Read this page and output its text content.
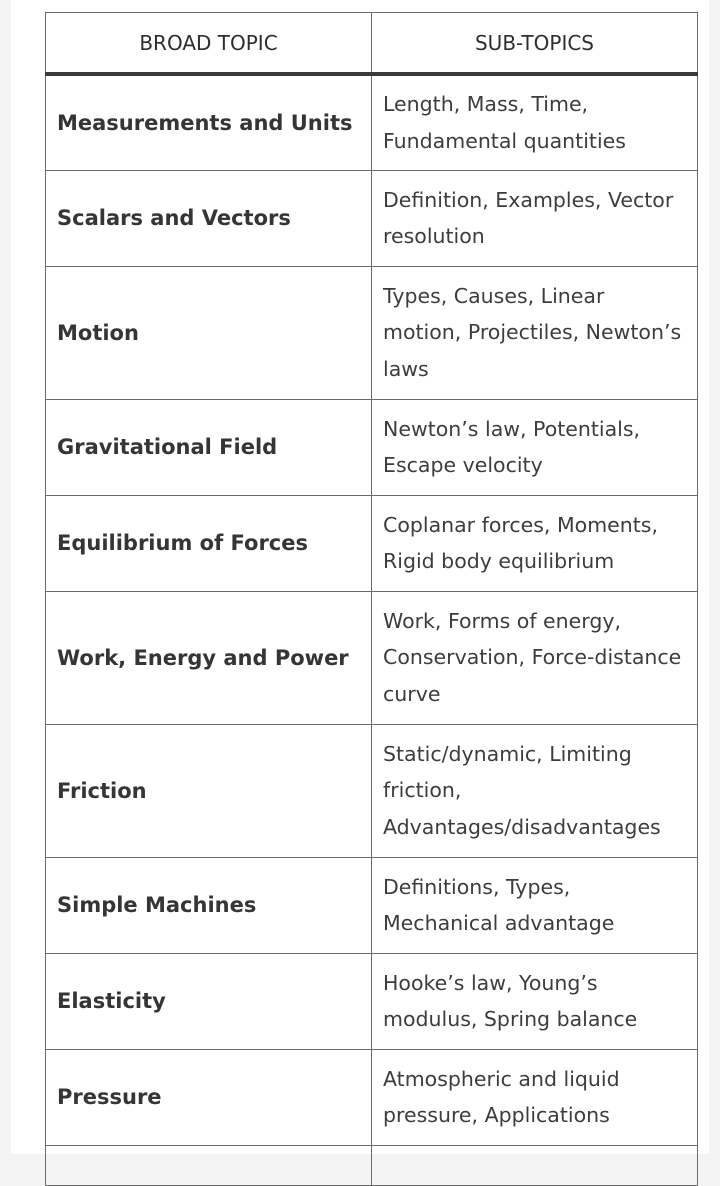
BROAD TOPIC	SUB-TOPICS
Measurements and Units	Length, Mass, Time, Fundamental quantities
Scalars and Vectors	Definition, Examples, Vector resolution
Motion	Types, Causes, Linear motion, Projectiles, Newton’s laws
Gravitational Field	Newton’s law, Potentials, Escape velocity
Equilibrium of Forces	Coplanar forces, Moments, Rigid body equilibrium
Work, Energy and Power	Work, Forms of energy, Conservation, Force-distance curve
Friction	Static/dynamic, Limiting friction, Advantages/disadvantages
Simple Machines	Definitions, Types, Mechanical advantage
Elasticity	Hooke’s law, Young’s modulus, Spring balance
Pressure	Atmospheric and liquid pressure, Applications
